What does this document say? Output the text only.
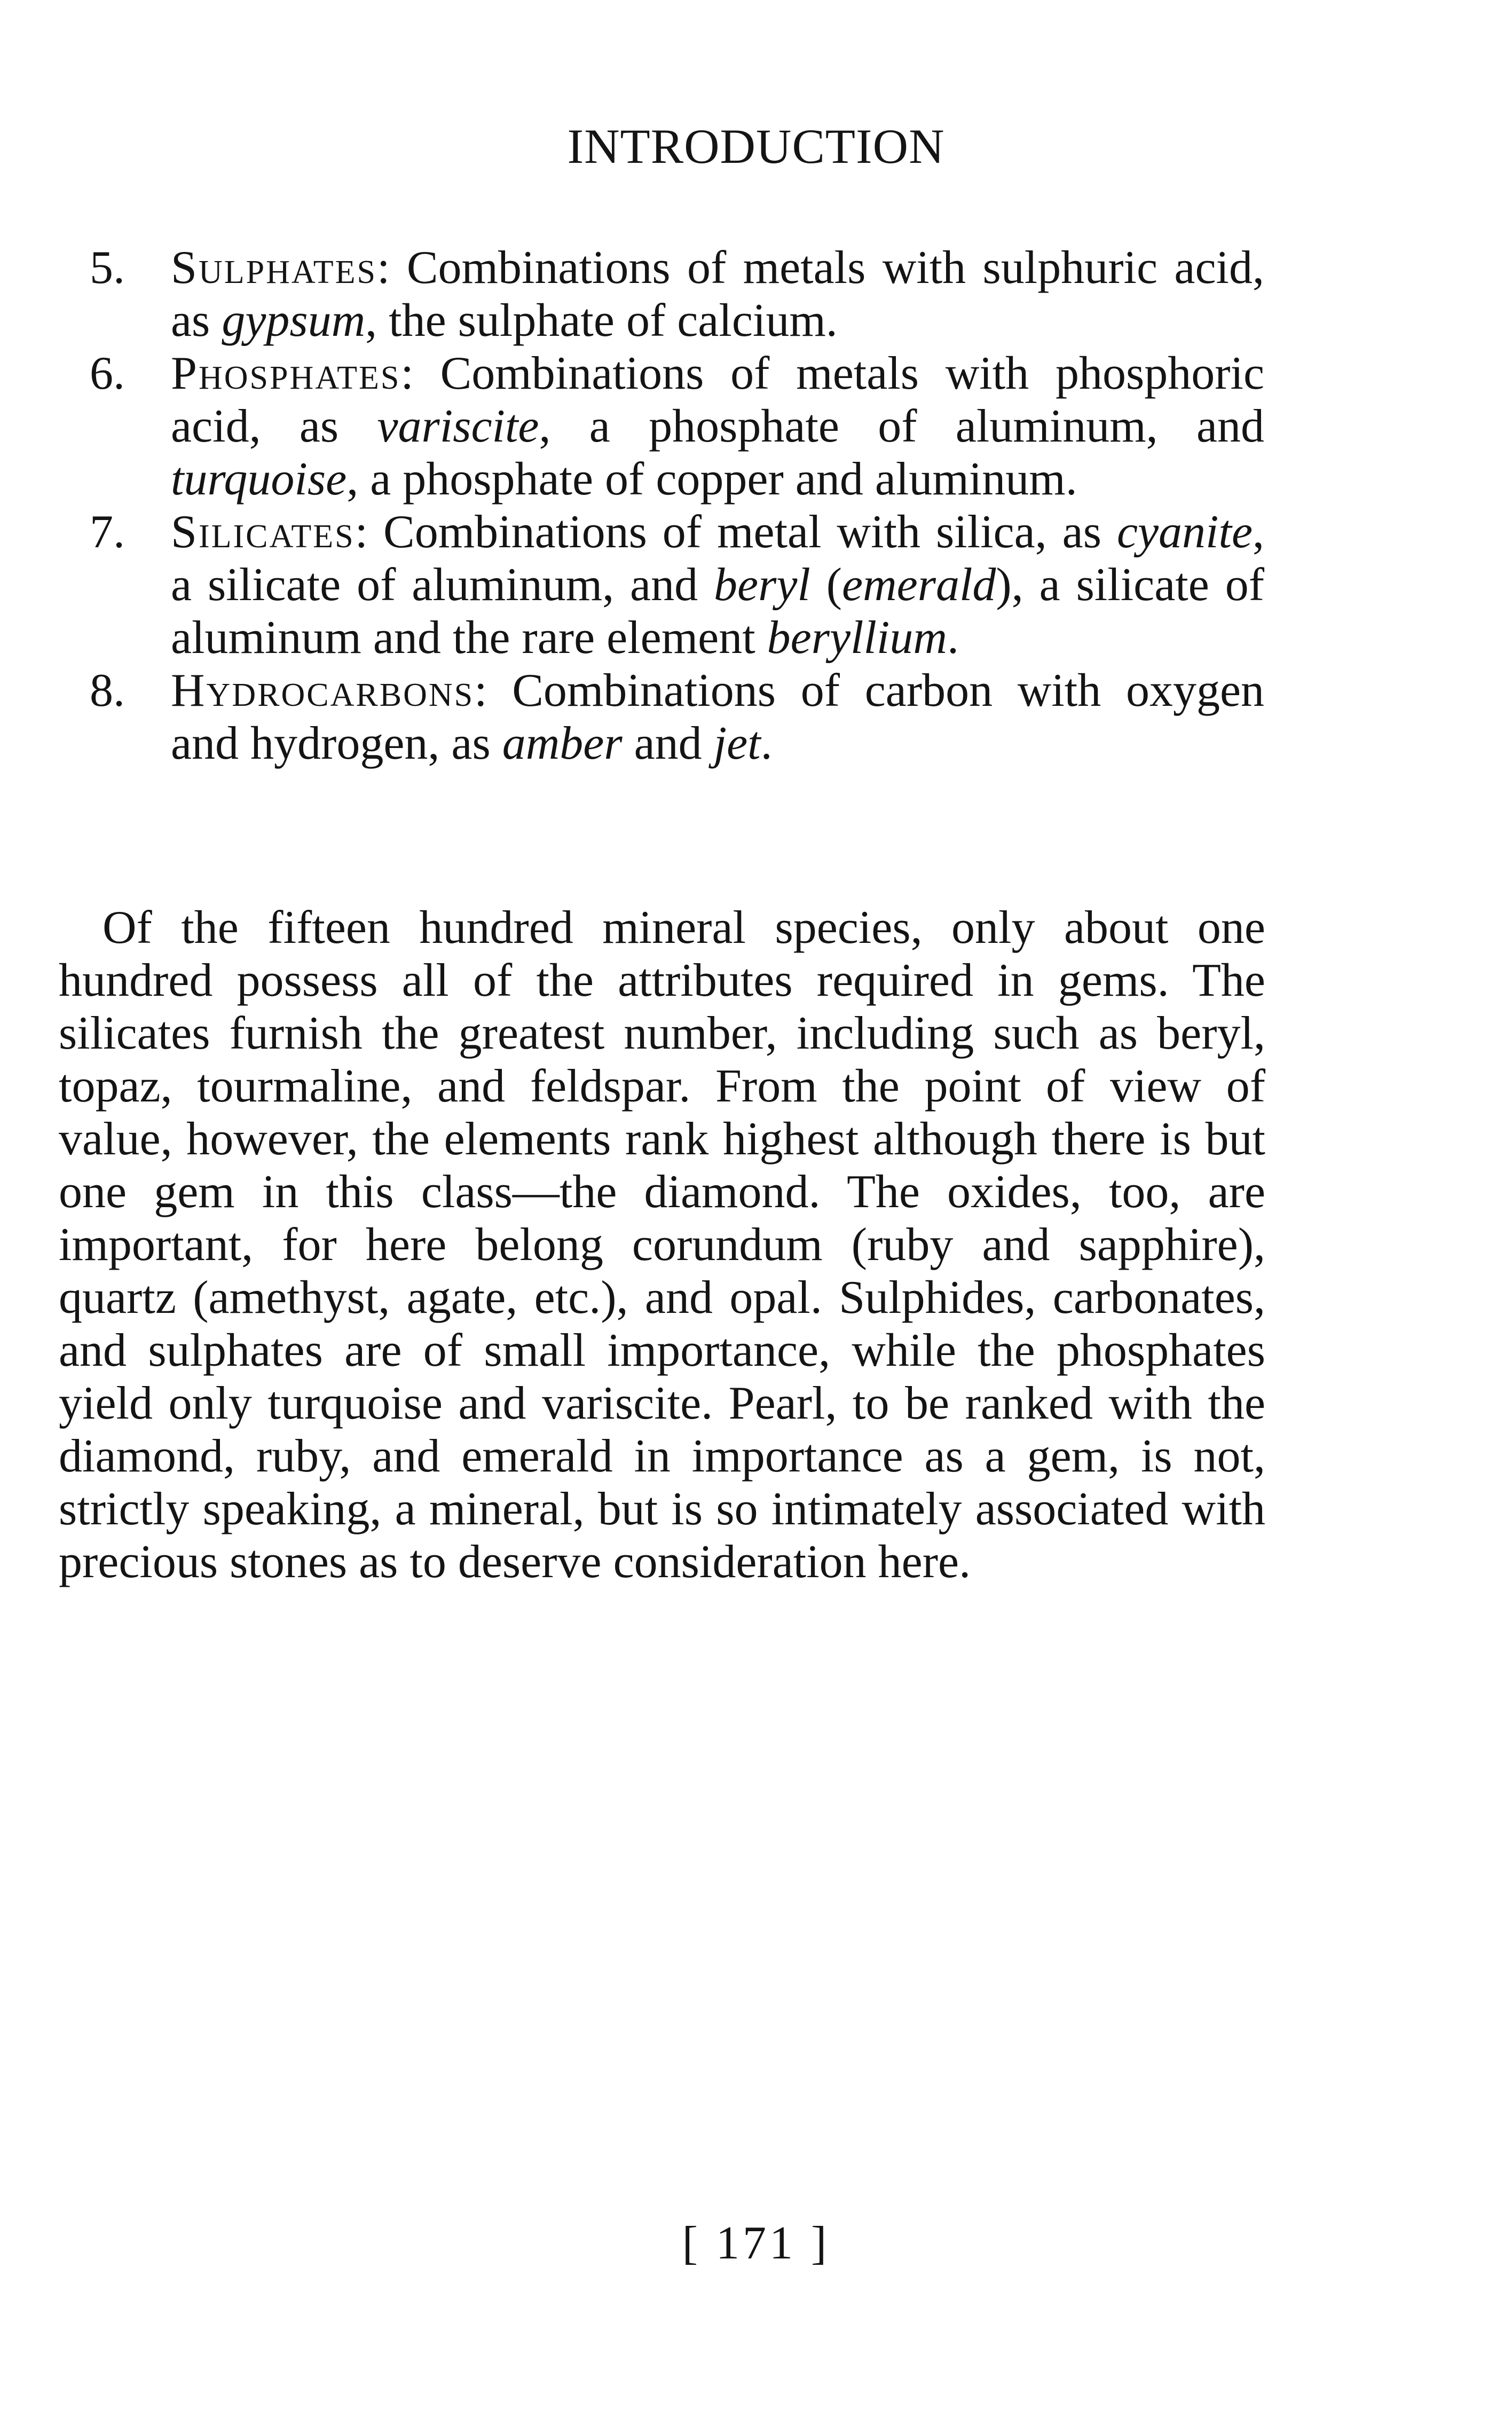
INTRODUCTION
5. Sulphates: Combinations of metals with sulphuric acid, as gypsum, the sulphate of calcium.
6. Phosphates: Combinations of metals with phosphoric acid, as variscite, a phosphate of aluminum, and turquoise, a phosphate of copper and aluminum.
7. Silicates: Combinations of metal with silica, as cyanite, a silicate of aluminum, and beryl (emerald), a silicate of aluminum and the rare element beryllium.
8. Hydrocarbons: Combinations of carbon with oxygen and hydrogen, as amber and jet.

Of the fifteen hundred mineral species, only about one hundred possess all of the attributes required in gems. The silicates furnish the greatest number, including such as beryl, topaz, tourmaline, and feldspar. From the point of view of value, however, the elements rank highest although there is but one gem in this class—the diamond. The oxides, too, are important, for here belong corundum (ruby and sapphire), quartz (amethyst, agate, etc.), and opal. Sulphides, carbonates, and sulphates are of small importance, while the phosphates yield only turquoise and variscite. Pearl, to be ranked with the diamond, ruby, and emerald in importance as a gem, is not, strictly speaking, a mineral, but is so intimately associated with precious stones as to deserve consideration here.

[ 171 ]
